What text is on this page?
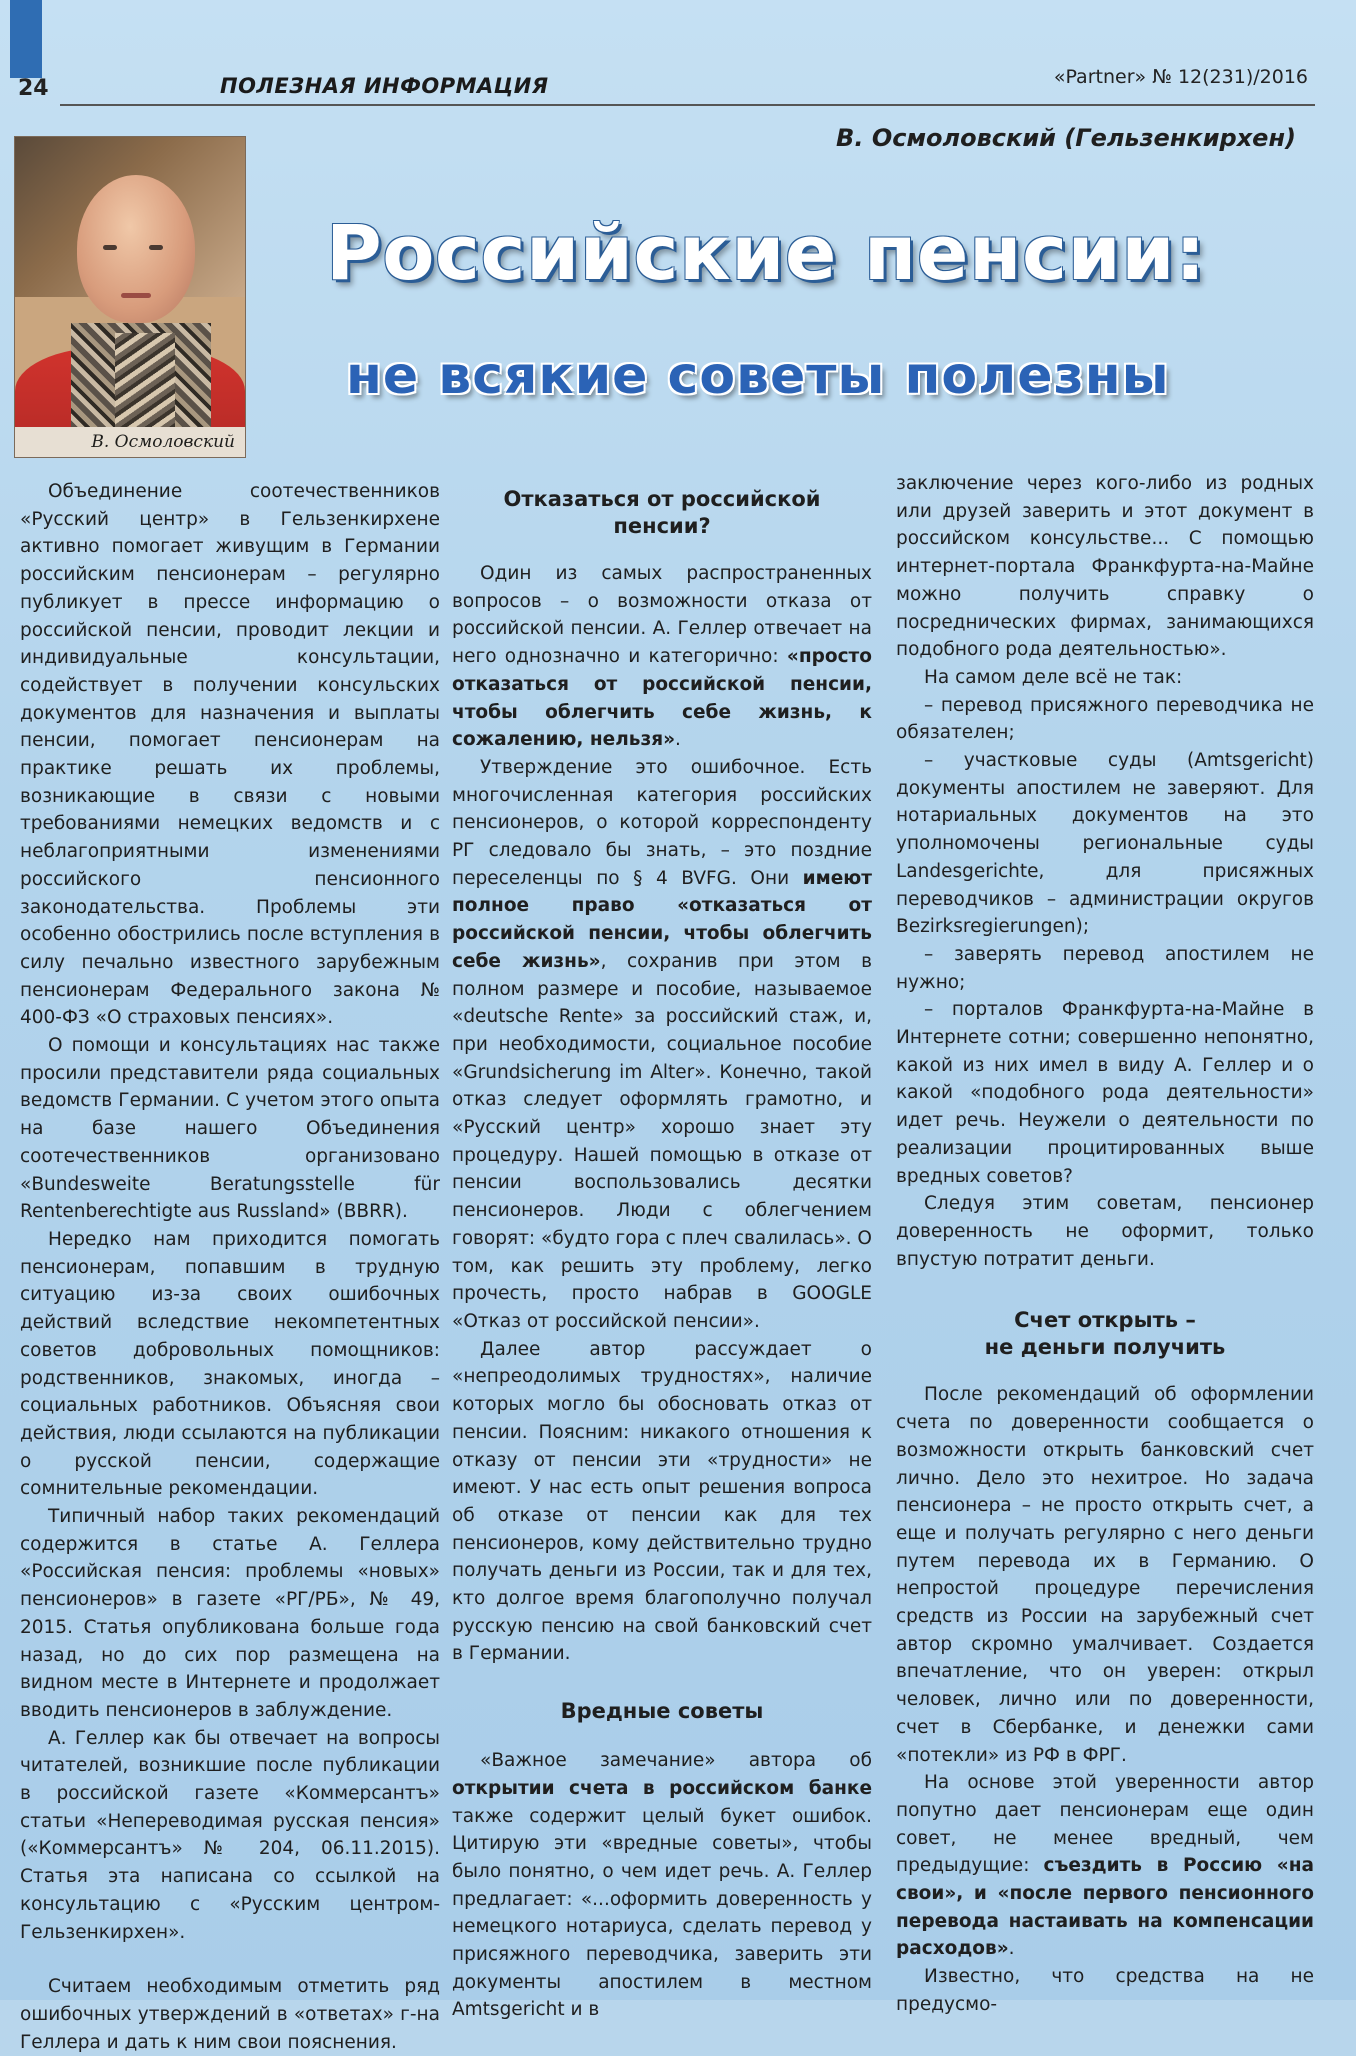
24	ПОЛЕЗНАЯ ИНФОРМАЦИЯ	«Partner» № 12(231)/2016
В. Осмоловский
В. Осмоловский (Гельзенкирхен)
Российские пенсии:
не всякие советы полезны

Объединение соотечественников «Русский центр» в Гельзенкирхене активно помогает живущим в Германии российским пенсионерам – регулярно публикует в прессе информацию о российской пенсии, проводит лекции и индивидуальные консультации, содействует в получении консульских документов для назначения и выплаты пенсии, помогает пенсионерам на практике решать их проблемы, возникающие в связи с новыми требованиями немецких ведомств и с неблагоприятными изменениями российского пенсионного законодательства. Проблемы эти особенно обострились после вступления в силу печально известного зарубежным пенсионерам Федерального закона № 400-ФЗ «О страховых пенсиях».

О помощи и консультациях нас также просили представители ряда социальных ведомств Германии. С учетом этого опыта на базе нашего Объединения соотечественников организовано «Bundesweite Beratungsstelle für Rentenberechtigte aus Russland» (BBRR).

Нередко нам приходится помогать пенсионерам, попавшим в трудную ситуацию из-за своих ошибочных действий вследствие некомпетентных советов добровольных помощников: родственников, знакомых, иногда – социальных работников. Объясняя свои действия, люди ссылаются на публикации о русской пенсии, содержащие сомнительные рекомендации.

Типичный набор таких рекомендаций содержится в статье А. Геллера «Российская пенсия: проблемы «новых» пенсионеров» в газете «РГ/РБ», № 49, 2015. Статья опубликована больше года назад, но до сих пор размещена на видном месте в Интернете и продолжает вводить пенсионеров в заблуждение.

А. Геллер как бы отвечает на вопросы читателей, возникшие после публикации в российской газете «Коммерсантъ» статьи «Непереводимая русская пенсия» («Коммерсантъ» № 204, 06.11.2015). Статья эта написана со ссылкой на консультацию с «Русским центром-Гельзенкирхен».

Считаем необходимым отметить ряд ошибочных утверждений в «ответах» г-на Геллера и дать к ним свои пояснения.

Отказаться от российской
пенсии?

Один из самых распространенных вопросов – о возможности отказа от российской пенсии. А. Геллер отвечает на него однозначно и категорично: «просто отказаться от российской пенсии, чтобы облегчить себе жизнь, к сожалению, нельзя».

Утверждение это ошибочное. Есть многочисленная категория российских пенсионеров, о которой корреспонденту РГ следовало бы знать, – это поздние переселенцы по § 4 BVFG. Они имеют полное право «отказаться от российской пенсии, чтобы облегчить себе жизнь», сохранив при этом в полном размере и пособие, называемое «deutsche Rente» за российский стаж, и, при необходимости, социальное пособие «Grundsicherung im Alter». Конечно, такой отказ следует оформлять грамотно, и «Русский центр» хорошо знает эту процедуру. Нашей помощью в отказе от пенсии воспользовались десятки пенсионеров. Люди с облегчением говорят: «будто гора с плеч свалилась». О том, как решить эту проблему, легко прочесть, просто набрав в GOOGLE «Отказ от российской пенсии».

Далее автор рассуждает о «непреодолимых трудностях», наличие которых могло бы обосновать отказ от пенсии. Поясним: никакого отношения к отказу от пенсии эти «трудности» не имеют. У нас есть опыт решения вопроса об отказе от пенсии как для тех пенсионеров, кому действительно трудно получать деньги из России, так и для тех, кто долгое время благополучно получал русскую пенсию на свой банковский счет в Германии.

Вредные советы

«Важное замечание» автора об открытии счета в российском банке также содержит целый букет ошибок. Цитирую эти «вредные советы», чтобы было понятно, о чем идет речь. А. Геллер предлагает: «...оформить доверенность у немецкого нотариуса, сделать перевод у присяжного переводчика, заверить эти документы апостилем в местном Amtsgericht и в

заключение через кого-либо из родных или друзей заверить и этот документ в российском консульстве... С помощью интернет-портала Франкфурта-на-Майне можно получить справку о посреднических фирмах, занимающихся подобного рода деятельностью».

На самом деле всё не так:

– перевод присяжного переводчика не обязателен;

– участковые суды (Amtsgericht) документы апостилем не заверяют. Для нотариальных документов на это уполномочены региональные суды Landesgerichte, для присяжных переводчиков – администрации округов Bezirksregierungen);

– заверять перевод апостилем не нужно;

– порталов Франкфурта-на-Майне в Интернете сотни; совершенно непонятно, какой из них имел в виду А. Геллер и о какой «подобного рода деятельности» идет речь. Неужели о деятельности по реализации процитированных выше вредных советов?

Следуя этим советам, пенсионер доверенность не оформит, только впустую потратит деньги.

Счет открыть –
не деньги получить

После рекомендаций об оформлении счета по доверенности сообщается о возможности открыть банковский счет лично. Дело это нехитрое. Но задача пенсионера – не просто открыть счет, а еще и получать регулярно с него деньги путем перевода их в Германию. О непростой процедуре перечисления средств из России на зарубежный счет автор скромно умалчивает. Создается впечатление, что он уверен: открыл человек, лично или по доверенности, счет в Сбербанке, и денежки сами «потекли» из РФ в ФРГ.

На основе этой уверенности автор попутно дает пенсионерам еще один совет, не менее вредный, чем предыдущие: съездить в Россию «на свои», и «после первого пенсионного перевода настаивать на компенсации расходов».

Известно, что средства на не предусмо-
